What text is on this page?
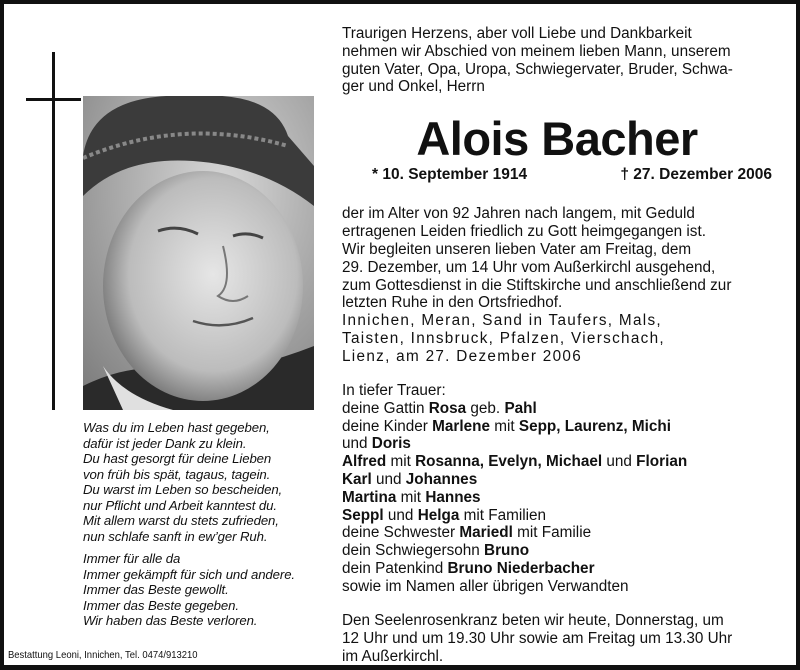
Was du im Leben hast gegeben,
dafür ist jeder Dank zu klein.
Du hast gesorgt für deine Lieben
von früh bis spät, tagaus, tagein.
Du warst im Leben so bescheiden,
nur Pflicht und Arbeit kanntest du.
Mit allem warst du stets zufrieden,
nun schlafe sanft in ew’ger Ruh.
Immer für alle da
Immer gekämpft für sich und andere.
Immer das Beste gewollt.
Immer das Beste gegeben.
Wir haben das Beste verloren.
Bestattung Leoni, Innichen, Tel. 0474/913210
Traurigen Herzens, aber voll Liebe und Dankbarkeit
nehmen wir Abschied von meinem lieben Mann, unserem
guten Vater, Opa, Uropa, Schwiegervater, Bruder, Schwa-
ger und Onkel, Herrn
Alois Bacher
* 10. September 1914	† 27. Dezember 2006
der im Alter von 92 Jahren nach langem, mit Geduld
ertragenen Leiden friedlich zu Gott heimgegangen ist.
Wir begleiten unseren lieben Vater am Freitag, dem
29. Dezember, um 14 Uhr vom Außerkirchl ausgehend,
zum Gottesdienst in die Stiftskirche und anschließend zur
letzten Ruhe in den Ortsfriedhof.
Innichen, Meran, Sand in Taufers, Mals,
Taisten, Innsbruck, Pfalzen, Vierschach,
Lienz, am 27. Dezember 2006
In tiefer Trauer:
deine Gattin Rosa geb. Pahl
deine Kinder Marlene mit Sepp, Laurenz, Michi
und Doris
Alfred mit Rosanna, Evelyn, Michael und Florian
Karl und Johannes
Martina mit Hannes
Seppl und Helga mit Familien
deine Schwester Mariedl mit Familie
dein Schwiegersohn Bruno
dein Patenkind Bruno Niederbacher
sowie im Namen aller übrigen Verwandten
Den Seelenrosenkranz beten wir heute, Donnerstag, um
12 Uhr und um 19.30 Uhr sowie am Freitag um 13.30 Uhr
im Außerkirchl.
